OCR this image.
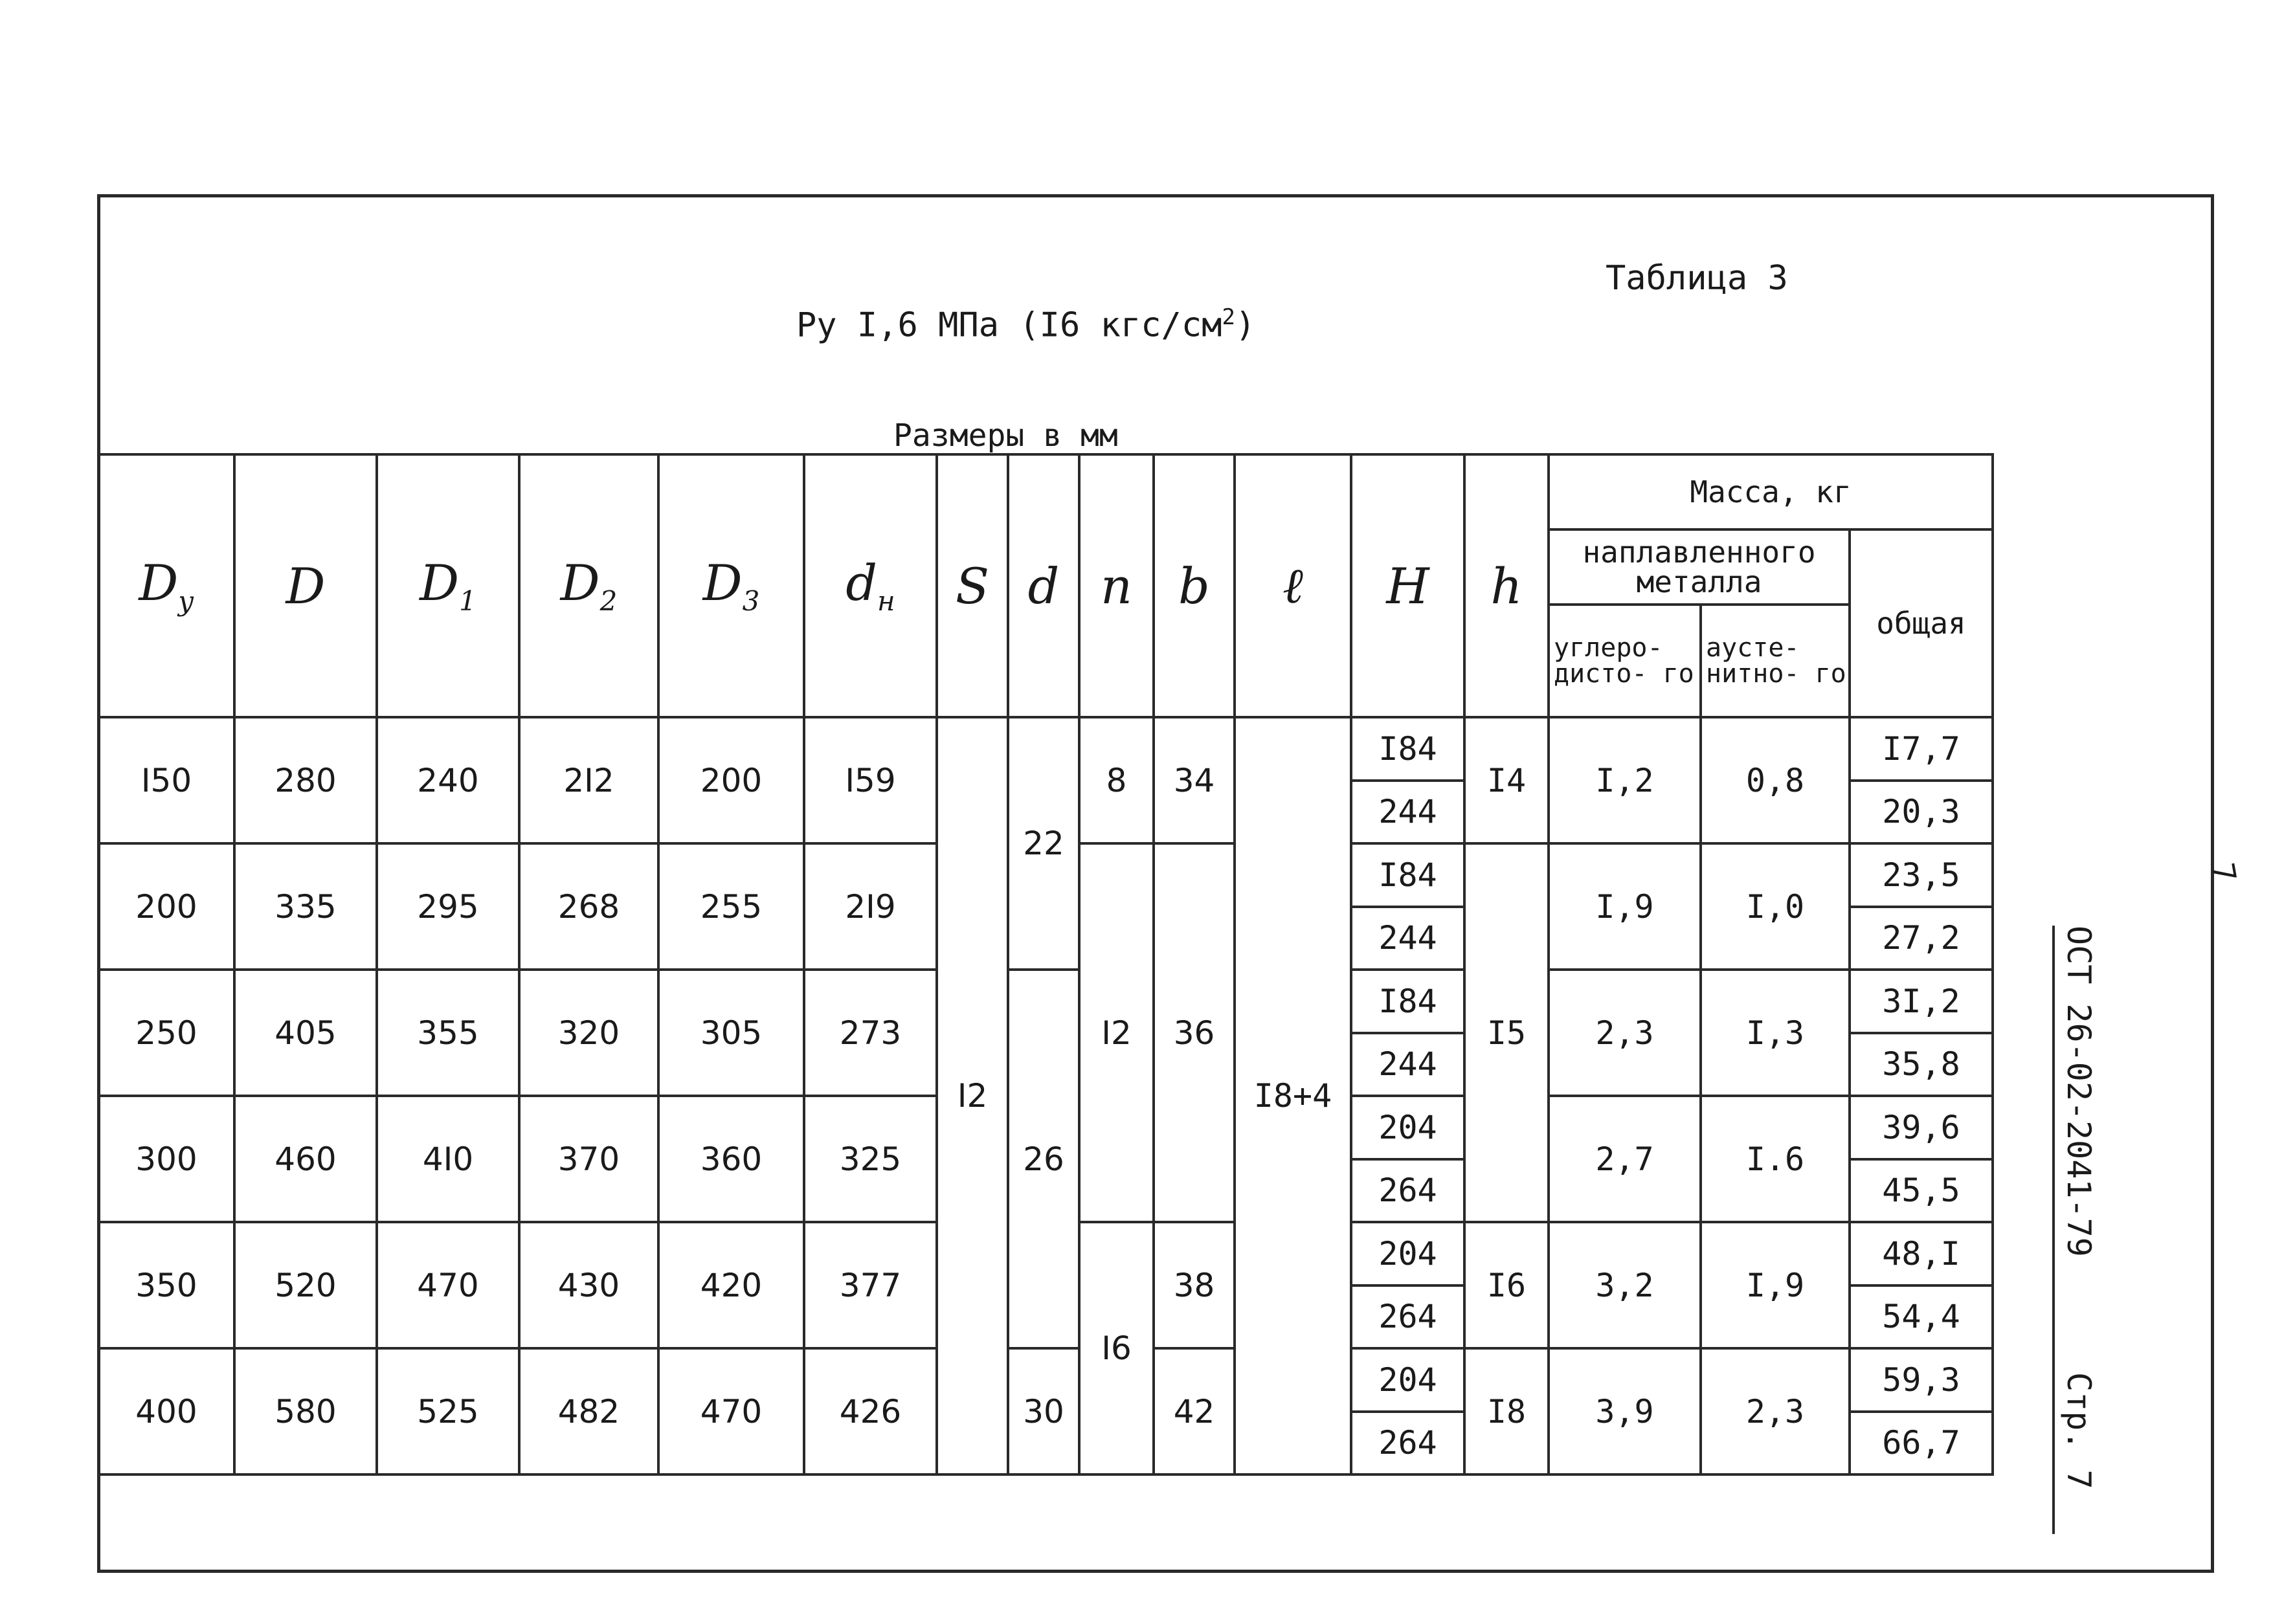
Таблица 3
Ру I,6 МПа (I6 кгс/$см^2$)
Размеры в мм
ОСТ 26-02-2041-79
Стр. 7
7
$D_у$	D	$D_1$	$D_2$	$D_3$	$d_н$	S	d	n	b	ℓ	H	h	Масса, кг		
													наплавленного металла		общая
													углеро- дисто- го	аусте- нитно- го	
I50	280	240	2I2	200	I59	I2	22	8	34	I8+4	I84	I4	I,2	0,8	I7,7
											244				20,3
200	335	295	268	255	2I9			I2	36		I84	I5	I,9	I,0	23,5
											244				27,2
250	405	355	320	305	273		26				I84		2,3	I,3	3I,2
											244				35,8
300	460	4I0	370	360	325						204		2,7	I.6	39,6
											264				45,5
350	520	470	430	420	377			I6	38		204	I6	3,2	I,9	48,I
											264				54,4
400	580	525	482	470	426		30		42		204	I8	3,9	2,3	59,3
											264				66,7
